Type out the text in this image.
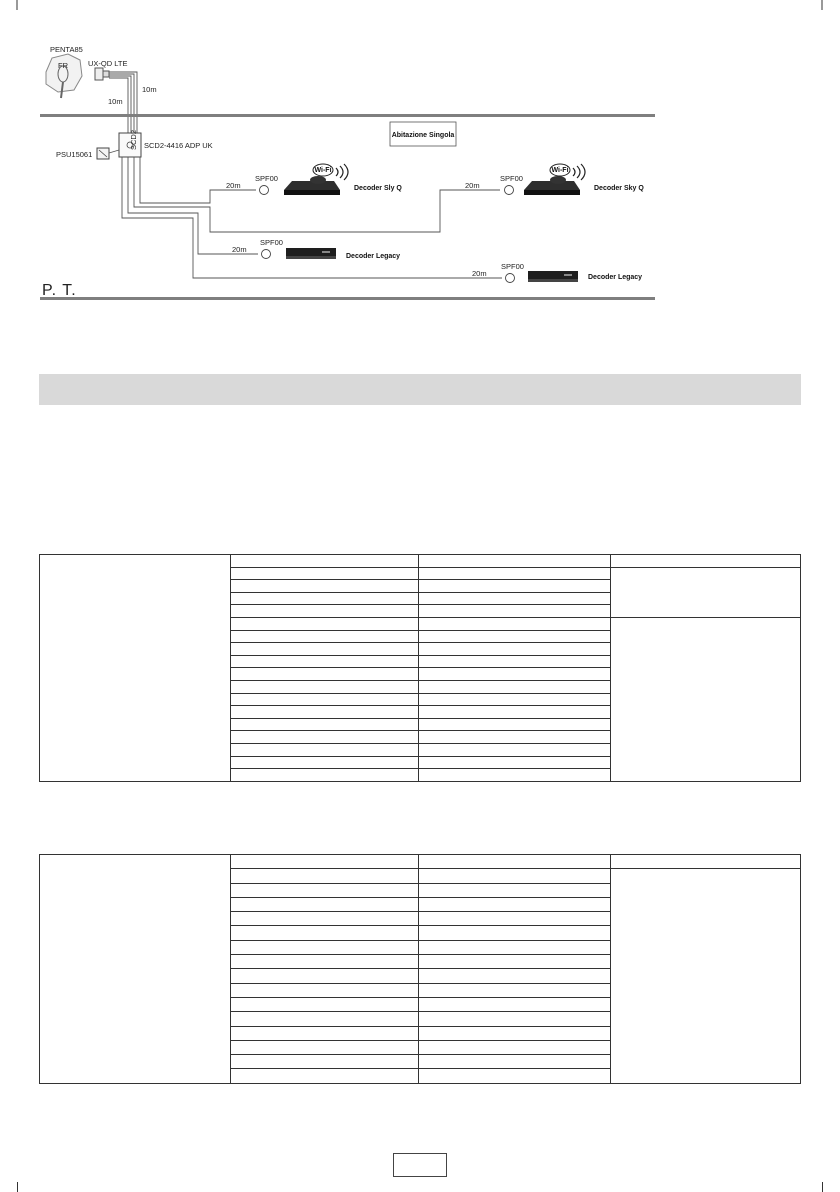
PENTA85
FR	UX-QD LTE
10m
10m
SCD2 SCD2-4416 ADP UK
PSU15061
Abitazione Singola
20m
SPF00
Wi-Fi
Decoder Sly Q	20m
SPF00
Wi-Fi
Decoder Sky Q
20m
SPF00
Decoder Legacy
20m
SPF00
Decoder Legacy
P. T.
